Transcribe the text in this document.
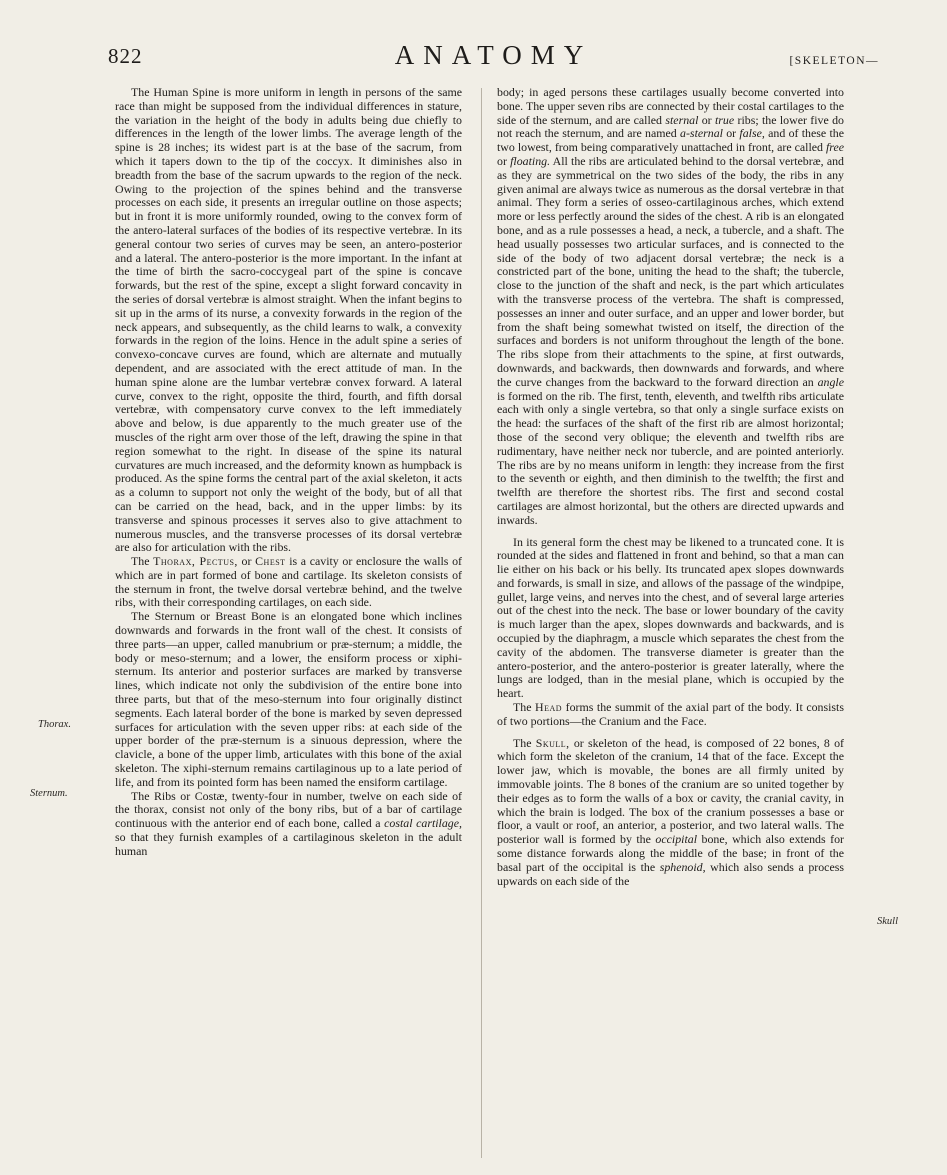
822	ANATOMY	[SKELETON—
Thorax.
Sternum.
Skull

The Human Spine is more uniform in length in persons of the same race than might be supposed from the individual differences in stature, the variation in the height of the body in adults being due chiefly to differences in the length of the lower limbs. The average length of the spine is 28 inches; its widest part is at the base of the sacrum, from which it tapers down to the tip of the coccyx. It diminishes also in breadth from the base of the sacrum upwards to the region of the neck. Owing to the projection of the spines behind and the transverse processes on each side, it presents an irregular outline on those aspects; but in front it is more uniformly rounded, owing to the convex form of the antero-lateral surfaces of the bodies of its respective vertebræ. In its general contour two series of curves may be seen, an antero-posterior and a lateral. The antero-posterior is the more important. In the infant at the time of birth the sacro-coccygeal part of the spine is concave forwards, but the rest of the spine, except a slight forward concavity in the series of dorsal vertebræ is almost straight. When the infant begins to sit up in the arms of its nurse, a convexity forwards in the region of the neck appears, and subsequently, as the child learns to walk, a convexity forwards in the region of the loins. Hence in the adult spine a series of convexo-concave curves are found, which are alternate and mutually dependent, and are associated with the erect attitude of man. In the human spine alone are the lumbar vertebræ convex forward. A lateral curve, convex to the right, opposite the third, fourth, and fifth dorsal vertebræ, with compensatory curve convex to the left immediately above and below, is due apparently to the much greater use of the muscles of the right arm over those of the left, drawing the spine in that region somewhat to the right. In disease of the spine its natural curvatures are much increased, and the deformity known as humpback is produced. As the spine forms the central part of the axial skeleton, it acts as a column to support not only the weight of the body, but of all that can be carried on the head, back, and in the upper limbs: by its transverse and spinous processes it serves also to give attachment to numerous muscles, and the transverse processes of its dorsal vertebræ are also for articulation with the ribs.

The Thorax, Pectus, or Chest is a cavity or enclosure the walls of which are in part formed of bone and cartilage. Its skeleton consists of the sternum in front, the twelve dorsal vertebræ behind, and the twelve ribs, with their corresponding cartilages, on each side.

The Sternum or Breast Bone is an elongated bone which inclines downwards and forwards in the front wall of the chest. It consists of three parts—an upper, called manubrium or præ-sternum; a middle, the body or meso-sternum; and a lower, the ensiform process or xiphi-sternum. Its anterior and posterior surfaces are marked by transverse lines, which indicate not only the subdivision of the entire bone into three parts, but that of the meso-sternum into four originally distinct segments. Each lateral border of the bone is marked by seven depressed surfaces for articulation with the seven upper ribs: at each side of the upper border of the præ-sternum is a sinuous depression, where the clavicle, a bone of the upper limb, articulates with this bone of the axial skeleton. The xiphi-sternum remains cartilaginous up to a late period of life, and from its pointed form has been named the ensiform cartilage.

The Ribs or Costæ, twenty-four in number, twelve on each side of the thorax, consist not only of the bony ribs, but of a bar of cartilage continuous with the anterior end of each bone, called a costal cartilage, so that they furnish examples of a cartilaginous skeleton in the adult human

body; in aged persons these cartilages usually become converted into bone. The upper seven ribs are connected by their costal cartilages to the side of the sternum, and are called sternal or true ribs; the lower five do not reach the sternum, and are named a-sternal or false, and of these the two lowest, from being comparatively unattached in front, are called free or floating. All the ribs are articulated behind to the dorsal vertebræ, and as they are symmetrical on the two sides of the body, the ribs in any given animal are always twice as numerous as the dorsal vertebræ in that animal. They form a series of osseo-cartilaginous arches, which extend more or less perfectly around the sides of the chest. A rib is an elongated bone, and as a rule possesses a head, a neck, a tubercle, and a shaft. The head usually possesses two articular surfaces, and is connected to the side of the body of two adjacent dorsal vertebræ; the neck is a constricted part of the bone, uniting the head to the shaft; the tubercle, close to the junction of the shaft and neck, is the part which articulates with the transverse process of the vertebra. The shaft is compressed, possesses an inner and outer surface, and an upper and lower border, but from the shaft being somewhat twisted on itself, the direction of the surfaces and borders is not uniform throughout the length of the bone. The ribs slope from their attachments to the spine, at first outwards, downwards, and backwards, then downwards and forwards, and where the curve changes from the backward to the forward direction an angle is formed on the rib. The first, tenth, eleventh, and twelfth ribs articulate each with only a single vertebra, so that only a single surface exists on the head: the surfaces of the shaft of the first rib are almost horizontal; those of the second very oblique; the eleventh and twelfth ribs are rudimentary, have neither neck nor tubercle, and are pointed anteriorly. The ribs are by no means uniform in length: they increase from the first to the seventh or eighth, and then diminish to the twelfth; the first and twelfth are therefore the shortest ribs. The first and second costal cartilages are almost horizontal, but the others are directed upwards and inwards.

In its general form the chest may be likened to a truncated cone. It is rounded at the sides and flattened in front and behind, so that a man can lie either on his back or his belly. Its truncated apex slopes downwards and forwards, is small in size, and allows of the passage of the windpipe, gullet, large veins, and nerves into the chest, and of several large arteries out of the chest into the neck. The base or lower boundary of the cavity is much larger than the apex, slopes downwards and backwards, and is occupied by the diaphragm, a muscle which separates the chest from the cavity of the abdomen. The transverse diameter is greater than the antero-posterior, and the antero-posterior is greater laterally, where the lungs are lodged, than in the mesial plane, which is occupied by the heart.

The Head forms the summit of the axial part of the body. It consists of two portions—the Cranium and the Face.

The Skull, or skeleton of the head, is composed of 22 bones, 8 of which form the skeleton of the cranium, 14 that of the face. Except the lower jaw, which is movable, the bones are all firmly united by immovable joints. The 8 bones of the cranium are so united together by their edges as to form the walls of a box or cavity, the cranial cavity, in which the brain is lodged. The box of the cranium possesses a base or floor, a vault or roof, an anterior, a posterior, and two lateral walls. The posterior wall is formed by the occipital bone, which also extends for some distance forwards along the middle of the base; in front of the basal part of the occipital is the sphenoid, which also sends a process upwards on each side of the
